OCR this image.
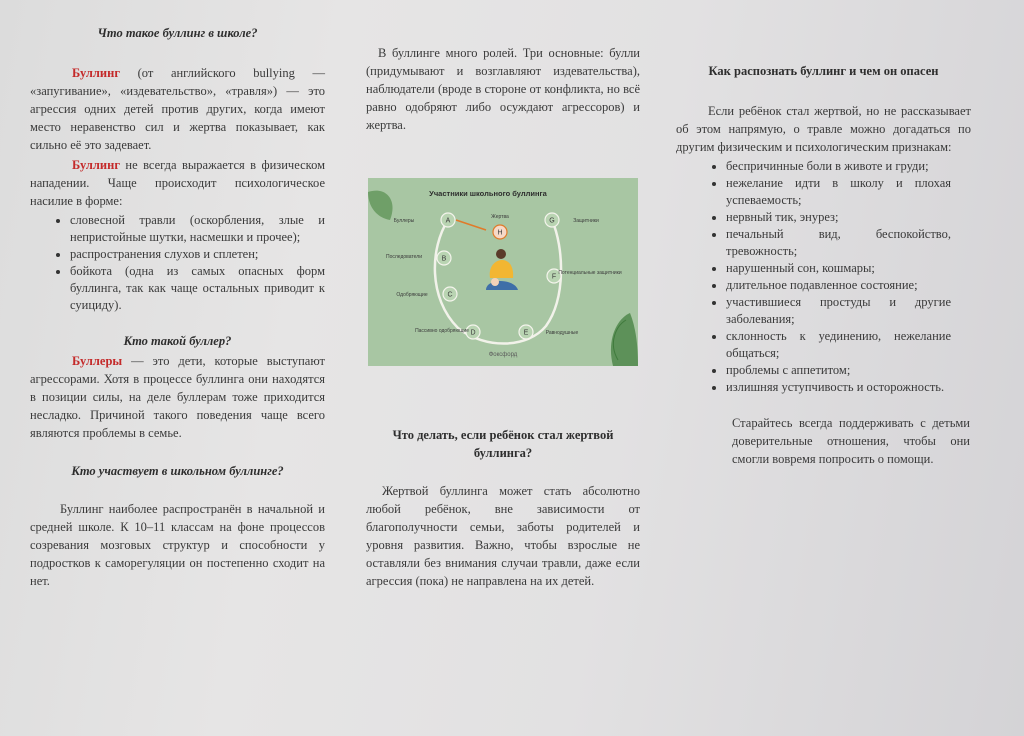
Что такое буллинг в школе?

Буллинг (от английского bullying — «запугивание», «издевательство», «травля») — это агрессия одних детей против других, когда имеют место неравенство сил и жертва показывает, как сильно её это задевает.

Буллинг не всегда выражается в физическом нападении. Чаще происходит психологическое насилие в форме:

• словесной травли (оскорбления, злые и непристойные шутки, насмешки и прочее);
• распространения слухов и сплетен;
• бойкота (одна из самых опасных форм буллинга, так как чаще остальных приводит к суициду).
Кто такой буллер?

Буллеры — это дети, которые выступают агрессорами. Хотя в процессе буллинга они находятся в позиции силы, на деле буллерам тоже приходится несладко. Причиной такого поведения чаще всего являются проблемы в семье.

Кто участвует в школьном буллинге?

Буллинг наиболее распространён в начальной и средней школе. К 10–11 классам на фоне процессов созревания мозговых структур и способности у подростков к саморегуляции он постепенно сходит на нет.

В буллинге много ролей. Три основные: булли (придумывают и возглавляют издевательства), наблюдатели (вроде в стороне от конфликта, но всё равно одобряют либо осуждают агрессоров) и жертва.

Участники школьного буллинга
A
Буллеры
B
Последователи
C
Одобряющие
D
Пассивно одобряющие	E	Равнодушные
F
Потенциальные защитники
G	Защитники
H
Жертва
Фоксфорд
Что делать, если ребёнок стал жертвой буллинга?

Жертвой буллинга может стать абсолютно любой ребёнок, вне зависимости от благополучности семьи, заботы родителей и уровня развития. Важно, чтобы взрослые не оставляли без внимания случаи травли, даже если агрессия (пока) не направлена на их детей.

Как распознать буллинг и чем он опасен

Если ребёнок стал жертвой, но не рассказывает об этом напрямую, о травле можно догадаться по другим физическим и психологическим признакам:

• беспричинные боли в животе и груди;
• нежелание идти в школу и плохая успеваемость;
• нервный тик, энурез;
• печальный вид, беспокойство, тревожность;
• нарушенный сон, кошмары;
• длительное подавленное состояние;
• участившиеся простуды и другие заболевания;
• склонность к уединению, нежелание общаться;
• проблемы с аппетитом;
• излишняя уступчивость и осторожность.

Старайтесь всегда поддерживать с детьми доверительные отношения, чтобы они смогли вовремя попросить о помощи.
